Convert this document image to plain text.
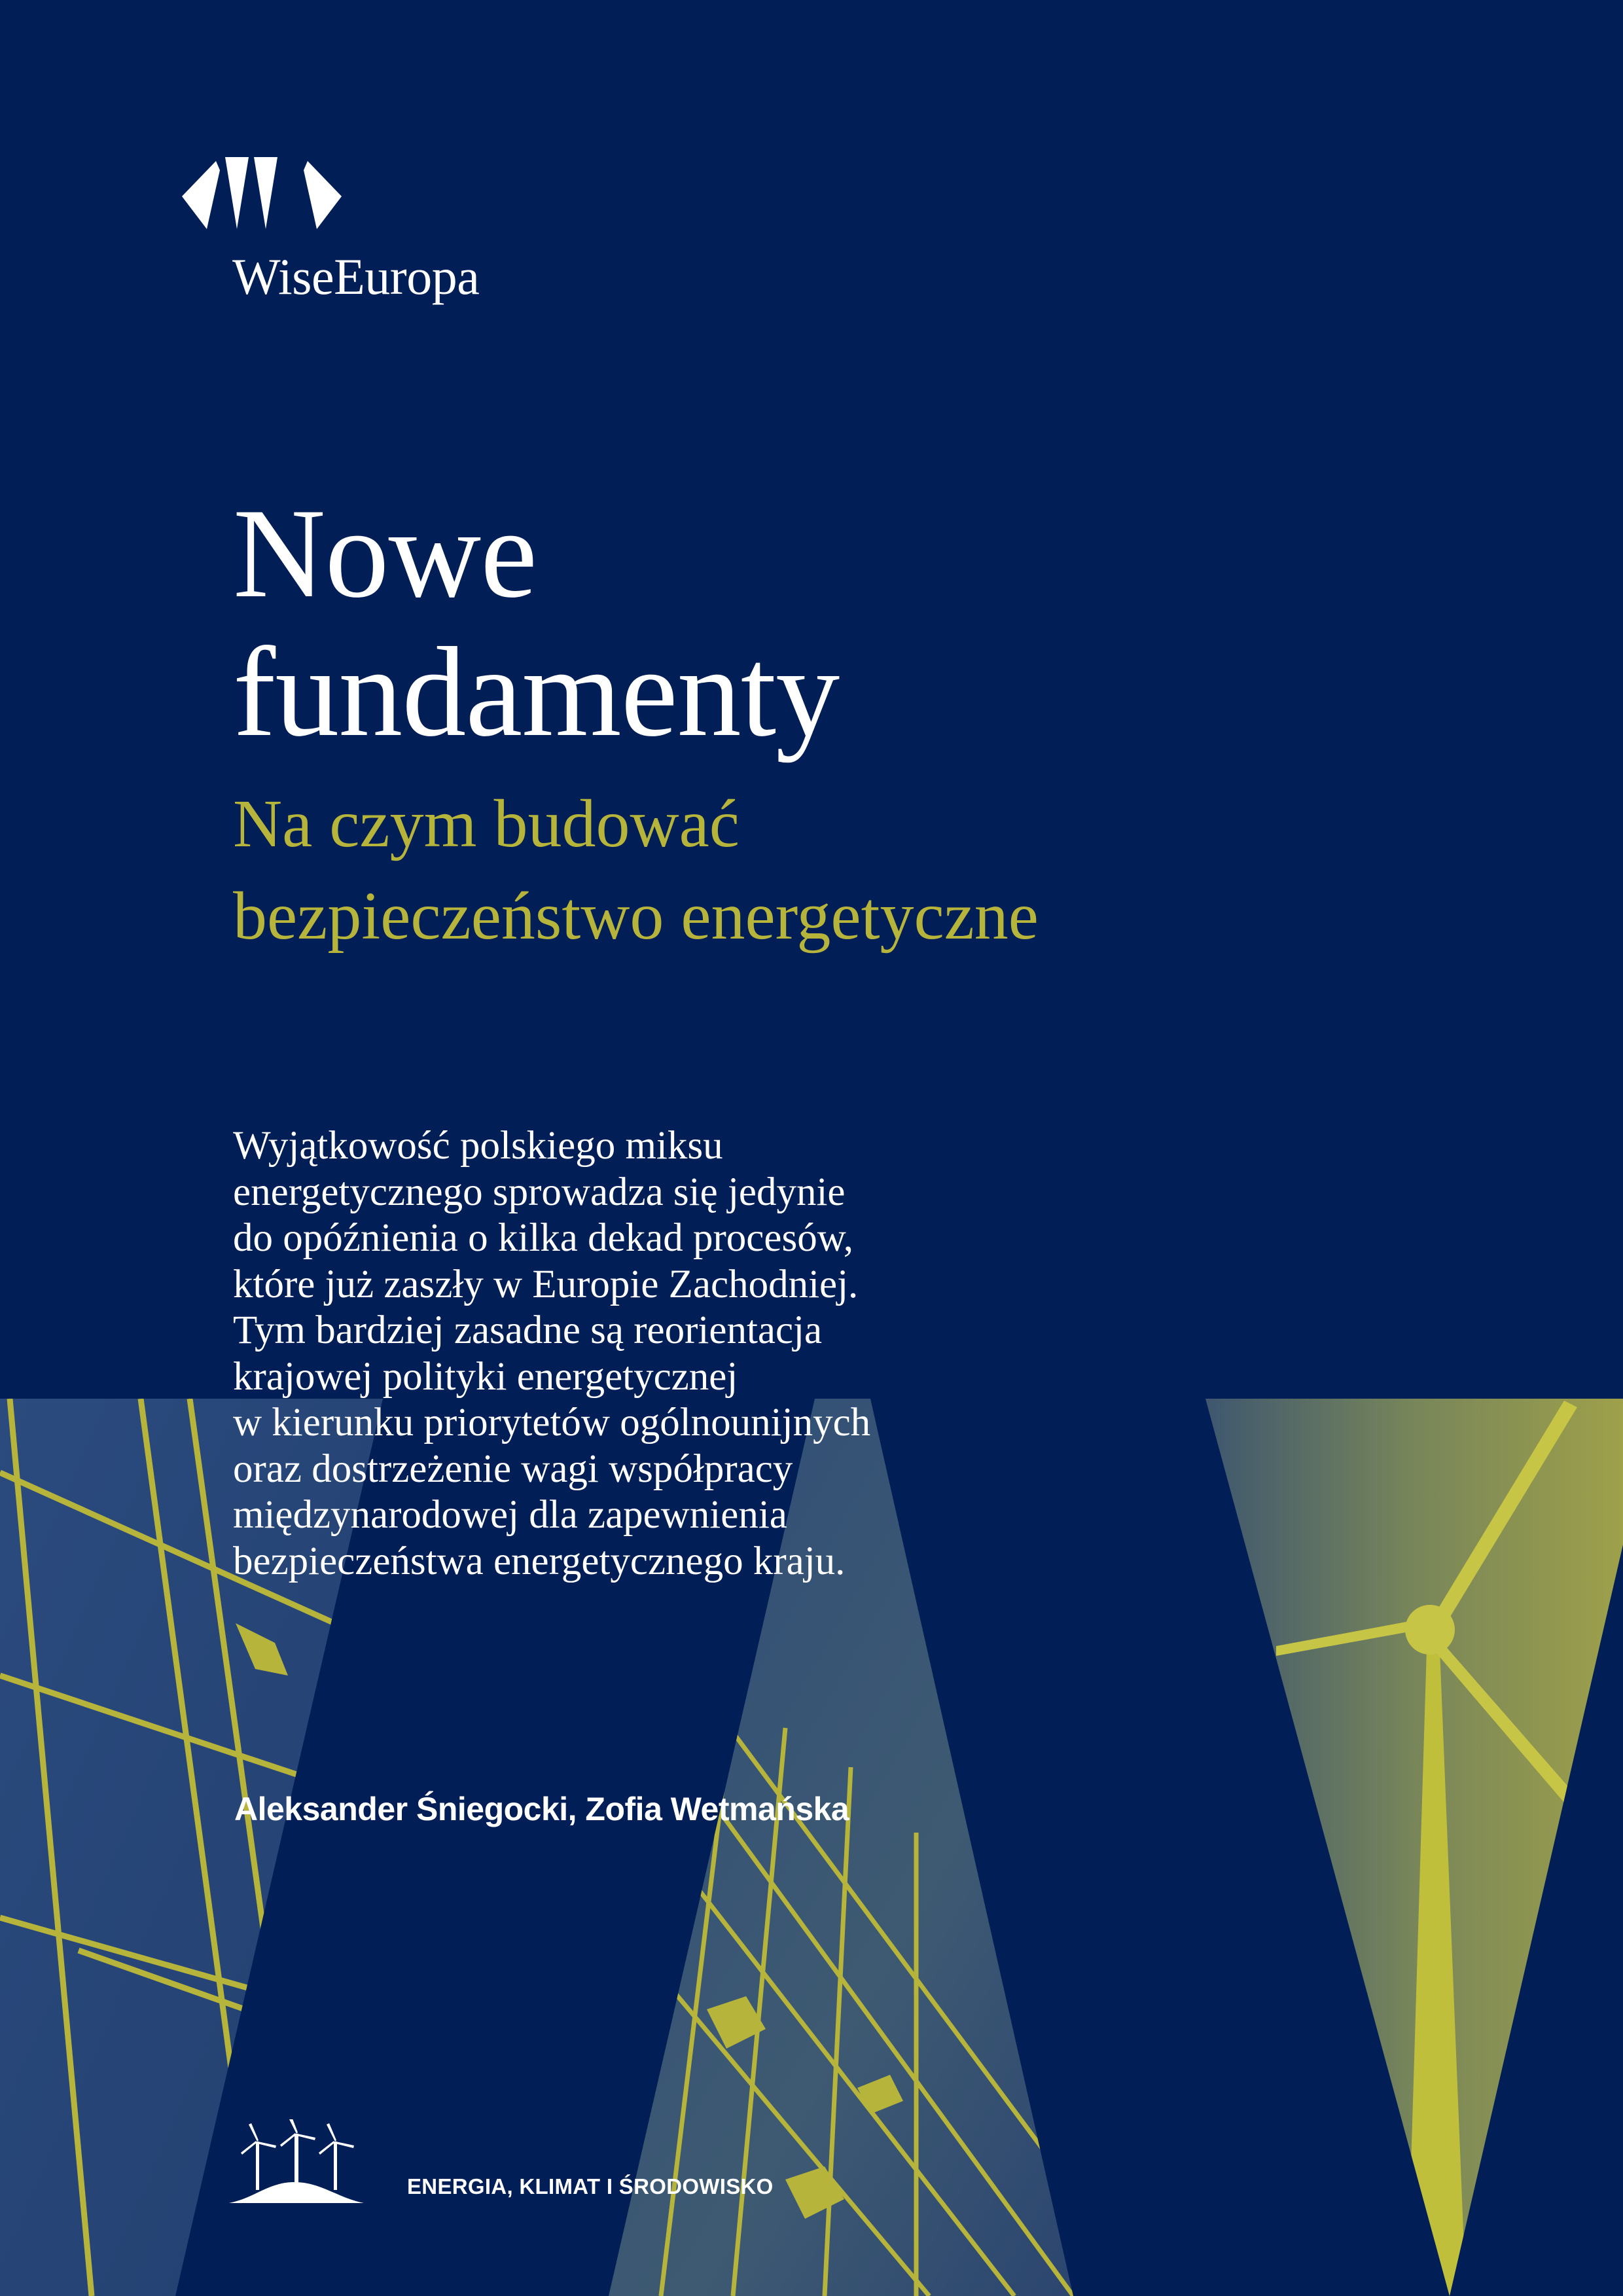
WiseEuropa
Nowe
fundamenty
Na czym budować
bezpieczeństwo energetyczne

Wyjątkowość polskiego miksu
energetycznego sprowadza się jedynie
do opóźnienia o kilka dekad procesów,
które już zaszły w Europie Zachodniej.
Tym bardziej zasadne są reorientacja
krajowej polityki energetycznej
w kierunku priorytetów ogólnounijnych
oraz dostrzeżenie wagi współpracy
międzynarodowej dla zapewnienia
bezpieczeństwa energetycznego kraju.

Aleksander Śniegocki, Zofia Wetmańska

ENERGIA, KLIMAT I ŚRODOWISKO
